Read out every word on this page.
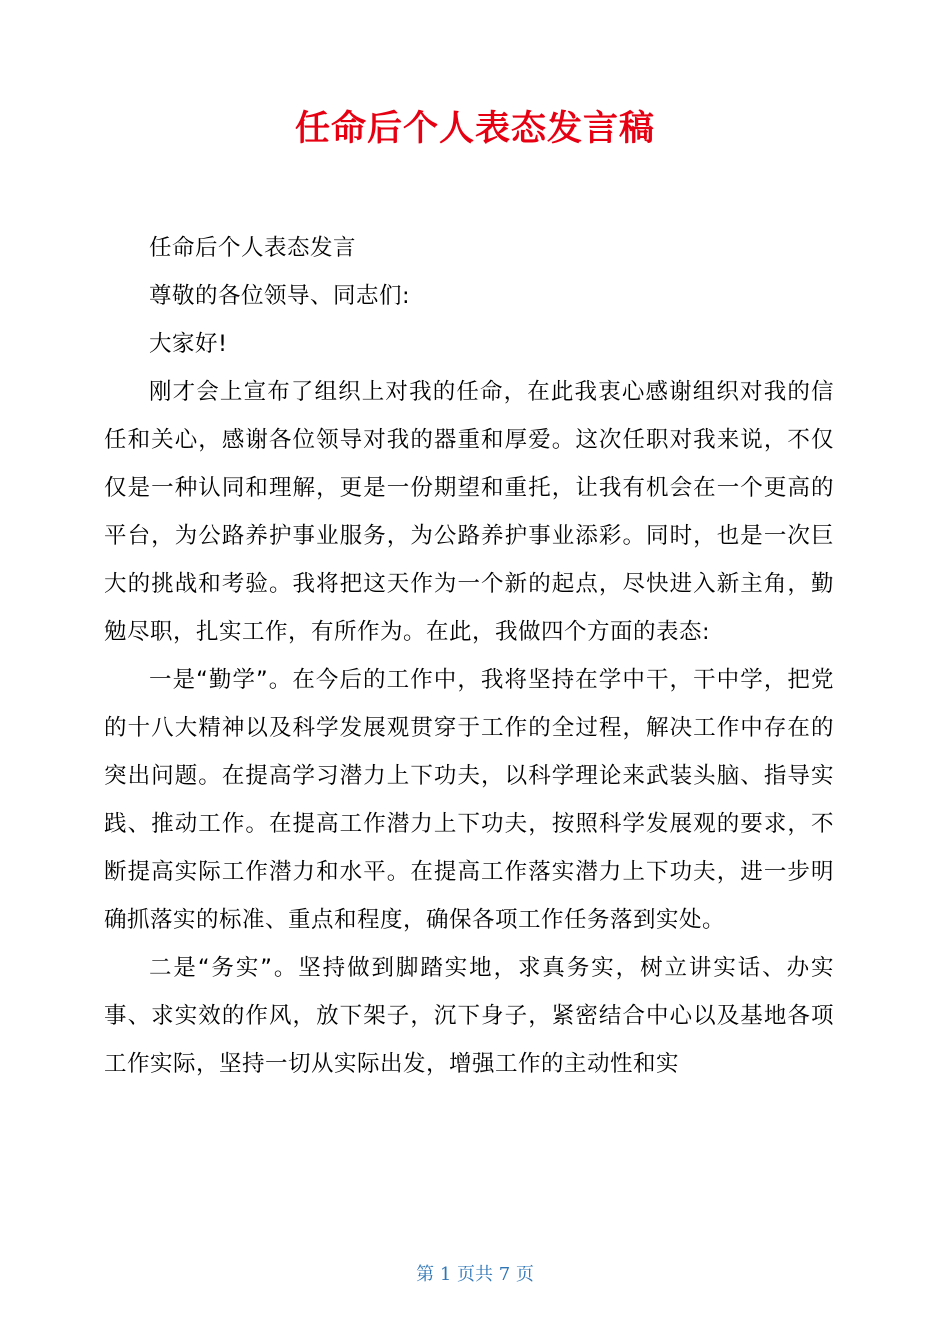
任命后个人表态发言稿

任命后个人表态发言

尊敬的各位领导、同志们:

大家好!

刚才会上宣布了组织上对我的任命，在此我衷心感谢组织对我的信任和关心，感谢各位领导对我的器重和厚爱。这次任职对我来说，不仅仅是一种认同和理解，更是一份期望和重托，让我有机会在一个更高的平台，为公路养护事业服务，为公路养护事业添彩。同时，也是一次巨大的挑战和考验。我将把这天作为一个新的起点，尽快进入新主角，勤勉尽职，扎实工作，有所作为。在此，我做四个方面的表态:

一是“勤学”。在今后的工作中，我将坚持在学中干，干中学，把党的十八大精神以及科学发展观贯穿于工作的全过程，解决工作中存在的突出问题。在提高学习潜力上下功夫，以科学理论来武装头脑、指导实践、推动工作。在提高工作潜力上下功夫，按照科学发展观的要求，不断提高实际工作潜力和水平。在提高工作落实潜力上下功夫，进一步明确抓落实的标准、重点和程度，确保各项工作任务落到实处。

二是“务实”。坚持做到脚踏实地，求真务实，树立讲实话、办实事、求实效的作风，放下架子，沉下身子，紧密结合中心以及基地各项工作实际，坚持一切从实际出发，增强工作的主动性和实

第 1 页共 7 页
